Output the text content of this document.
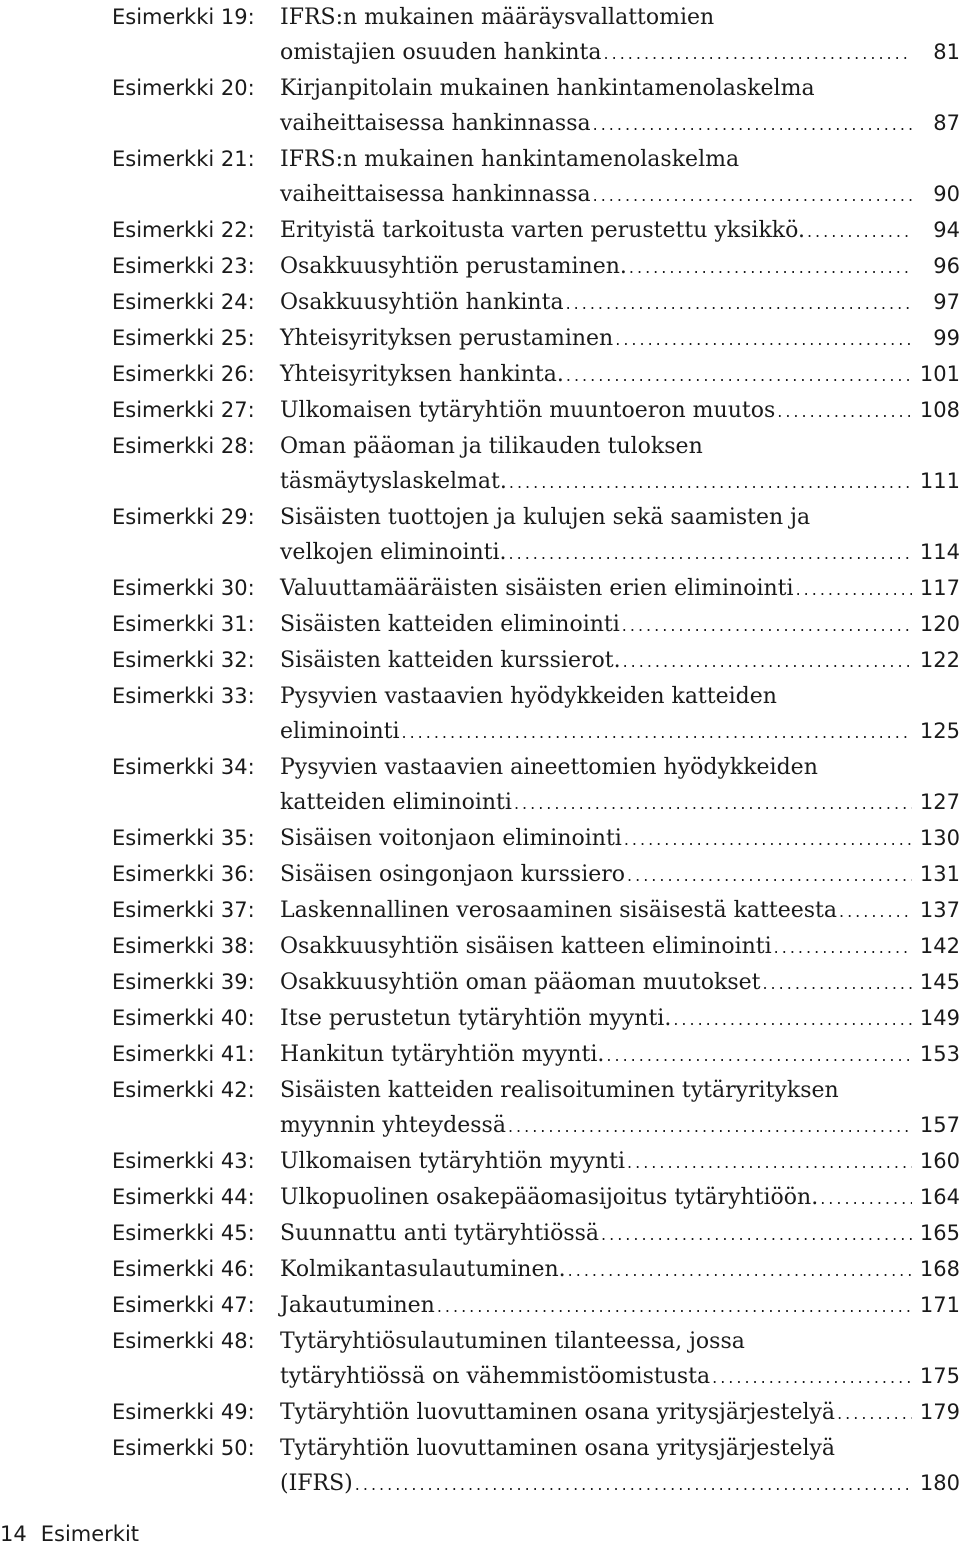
Esimerkki 19:	IFRS:n mukainen määräysvallattomien
omistajien osuuden hankinta .....	81
Esimerkki 20:	Kirjanpitolain mukainen hankintamenolaskelma
vaiheittaisessa hankinnassa .....	87
Esimerkki 21:	IFRS:n mukainen hankintamenolaskelma
vaiheittaisessa hankinnassa .....	90
Esimerkki 22:	Erityistä tarkoitusta varten perustettu yksikkö. .....	94
Esimerkki 23:	Osakkuusyhtiön perustaminen. .....	96
Esimerkki 24:	Osakkuusyhtiön hankinta .....	97
Esimerkki 25:	Yhteisyrityksen perustaminen .....	99
Esimerkki 26:	Yhteisyrityksen hankinta. .....	101
Esimerkki 27:	Ulkomaisen tytäryhtiön muuntoeron muutos .....	108
Esimerkki 28:	Oman pääoman ja tilikauden tuloksen
täsmäytyslaskelmat. .....	111
Esimerkki 29:	Sisäisten tuottojen ja kulujen sekä saamisten ja
velkojen eliminointi. .....	114
Esimerkki 30:	Valuuttamääräisten sisäisten erien eliminointi .....	117
Esimerkki 31:	Sisäisten katteiden eliminointi .....	120
Esimerkki 32:	Sisäisten katteiden kurssierot. .....	122
Esimerkki 33:	Pysyvien vastaavien hyödykkeiden katteiden
eliminointi .....	125
Esimerkki 34:	Pysyvien vastaavien aineettomien hyödykkeiden
katteiden eliminointi .....	127
Esimerkki 35:	Sisäisen voitonjaon eliminointi .....	130
Esimerkki 36:	Sisäisen osingonjaon kurssiero .....	131
Esimerkki 37:	Laskennallinen verosaaminen sisäisestä katteesta .....	137
Esimerkki 38:	Osakkuusyhtiön sisäisen katteen eliminointi .....	142
Esimerkki 39:	Osakkuusyhtiön oman pääoman muutokset .....	145
Esimerkki 40:	Itse perustetun tytäryhtiön myynti. .....	149
Esimerkki 41:	Hankitun tytäryhtiön myynti. .....	153
Esimerkki 42:	Sisäisten katteiden realisoituminen tytäryrityksen
myynnin yhteydessä .....	157
Esimerkki 43:	Ulkomaisen tytäryhtiön myynti .....	160
Esimerkki 44:	Ulkopuolinen osakepääomasijoitus tytäryhtiöön. .....	164
Esimerkki 45:	Suunnattu anti tytäryhtiössä .....	165
Esimerkki 46:	Kolmikantasulautuminen. .....	168
Esimerkki 47:	Jakautuminen .....	171
Esimerkki 48:	Tytäryhtiösulautuminen tilanteessa, jossa
tytäryhtiössä on vähemmistöomistusta .....	175
Esimerkki 49:	Tytäryhtiön luovuttaminen osana yritysjärjestelyä .....	179
Esimerkki 50:	Tytäryhtiön luovuttaminen osana yritysjärjestelyä
(IFRS) .....	180
14 Esimerkit
